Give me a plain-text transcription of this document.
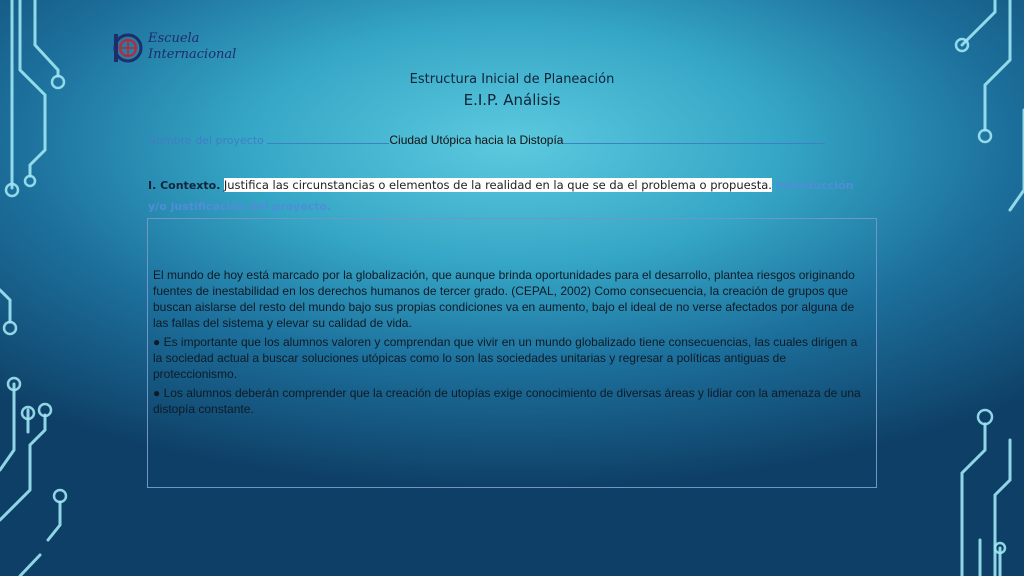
Escuela
Internacional
Estructura Inicial de Planeación
E.I.P. Análisis
Nombre del proyecto	Ciudad Utópica hacia la Distopía
I. Contexto. Justifica las circunstancias o elementos de la realidad en la que se da el problema o propuesta. Introducción y/o justificación del proyecto.

El mundo de hoy está marcado por la globalización, que aunque brinda oportunidades para el desarrollo, plantea riesgos originando fuentes de inestabilidad en los derechos humanos de tercer grado. (CEPAL, 2002) Como consecuencia, la creación de grupos que buscan aislarse del resto del mundo bajo sus propias condiciones va en aumento, bajo el ideal de no verse afectados por alguna de las fallas del sistema y elevar su calidad de vida.

● Es importante que los alumnos valoren y comprendan que vivir en un mundo globalizado tiene consecuencias, las cuales dirigen a la sociedad actual a buscar soluciones utópicas como lo son las sociedades unitarias y regresar a políticas antiguas de proteccionismo.

● Los alumnos deberán comprender que la creación de utopías exige conocimiento de diversas áreas y lidiar con la amenaza de una distopía constante.
